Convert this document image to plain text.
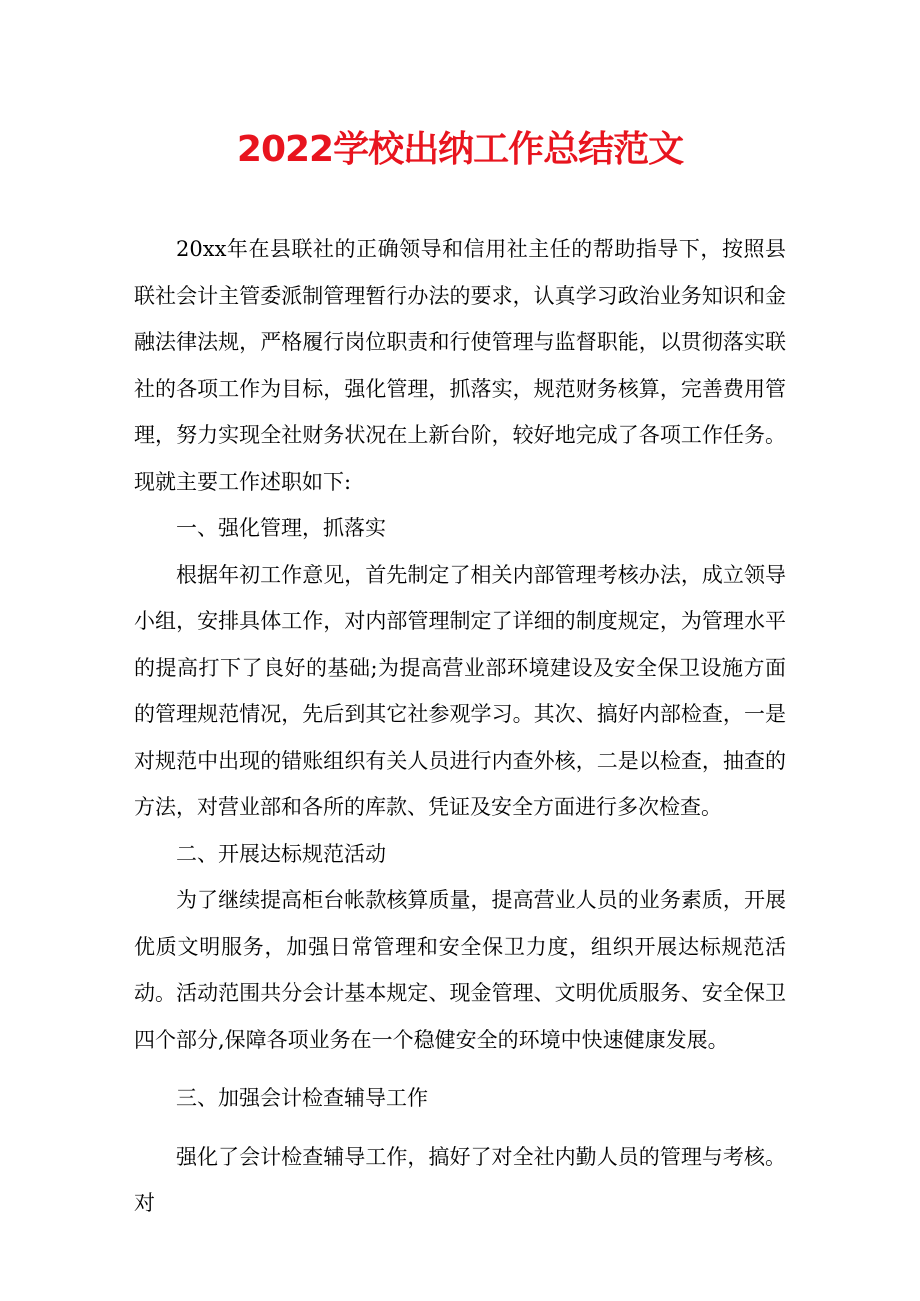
2022学校出纳工作总结范文

20xx年在县联社的正确领导和信用社主任的帮助指导下，按照县联社会计主管委派制管理暂行办法的要求，认真学习政治业务知识和金融法律法规，严格履行岗位职责和行使管理与监督职能，以贯彻落实联社的各项工作为目标，强化管理，抓落实，规范财务核算，完善费用管理，努力实现全社财务状况在上新台阶，较好地完成了各项工作任务。现就主要工作述职如下:

一、强化管理，抓落实

根据年初工作意见，首先制定了相关内部管理考核办法，成立领导小组，安排具体工作，对内部管理制定了详细的制度规定，为管理水平的提高打下了良好的基础;为提高营业部环境建设及安全保卫设施方面的管理规范情况，先后到其它社参观学习。其次、搞好内部检查，一是对规范中出现的错账组织有关人员进行内查外核，二是以检查，抽查的方法，对营业部和各所的库款、凭证及安全方面进行多次检查。

二、开展达标规范活动

为了继续提高柜台帐款核算质量，提高营业人员的业务素质，开展优质文明服务，加强日常管理和安全保卫力度，组织开展达标规范活动。活动范围共分会计基本规定、现金管理、文明优质服务、安全保卫四个部分,保障各项业务在一个稳健安全的环境中快速健康发展。

三、加强会计检查辅导工作

强化了会计检查辅导工作，搞好了对全社内勤人员的管理与考核。对
